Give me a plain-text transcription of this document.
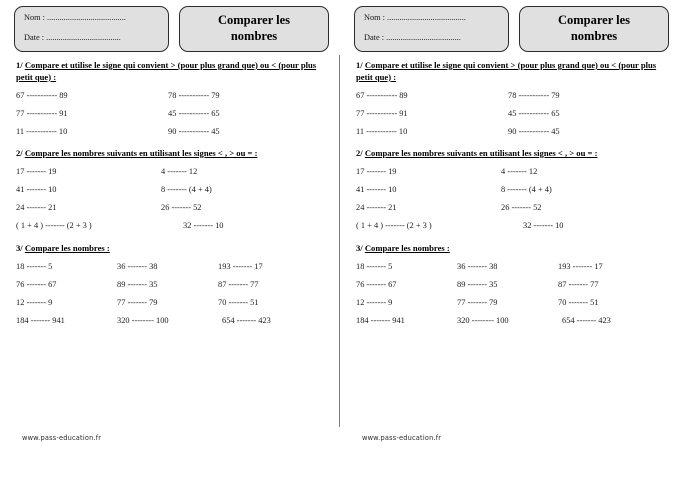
Nom : ......................................
Date : ....................................
Comparer les
nombres
1/ Compare et utilise le signe qui convient > (pour plus grand que) ou < (pour plus petit que) :
67 ----------- 89	78 ----------- 79
77 ----------- 91	45 ----------- 65
11 ----------- 10	90 ----------- 45
2/ Compare les nombres suivants en utilisant les signes < , > ou = :
17 ------- 19	4 ------- 12
41 ------- 10	8 ------- (4 + 4)
24 ------- 21	26 ------- 52
( 1 + 4 ) ------- (2 + 3 )	32 ------- 10
3/ Compare les nombres :
18 ------- 5	36 ------- 38	193 ------- 17
76 ------- 67	89 ------- 35	87 ------- 77
12 ------- 9	77 ------- 79	70 ------- 51
184 ------- 941	320 -------- 100	654 ------- 423
www.pass-education.fr
Nom : ......................................
Date : ....................................
Comparer les
nombres
1/ Compare et utilise le signe qui convient > (pour plus grand que) ou < (pour plus petit que) :
67 ----------- 89	78 ----------- 79
77 ----------- 91	45 ----------- 65
11 ----------- 10	90 ----------- 45
2/ Compare les nombres suivants en utilisant les signes < , > ou = :
17 ------- 19	4 ------- 12
41 ------- 10	8 ------- (4 + 4)
24 ------- 21	26 ------- 52
( 1 + 4 ) ------- (2 + 3 )	32 ------- 10
3/ Compare les nombres :
18 ------- 5	36 ------- 38	193 ------- 17
76 ------- 67	89 ------- 35	87 ------- 77
12 ------- 9	77 ------- 79	70 ------- 51
184 ------- 941	320 -------- 100	654 ------- 423
www.pass-education.fr
